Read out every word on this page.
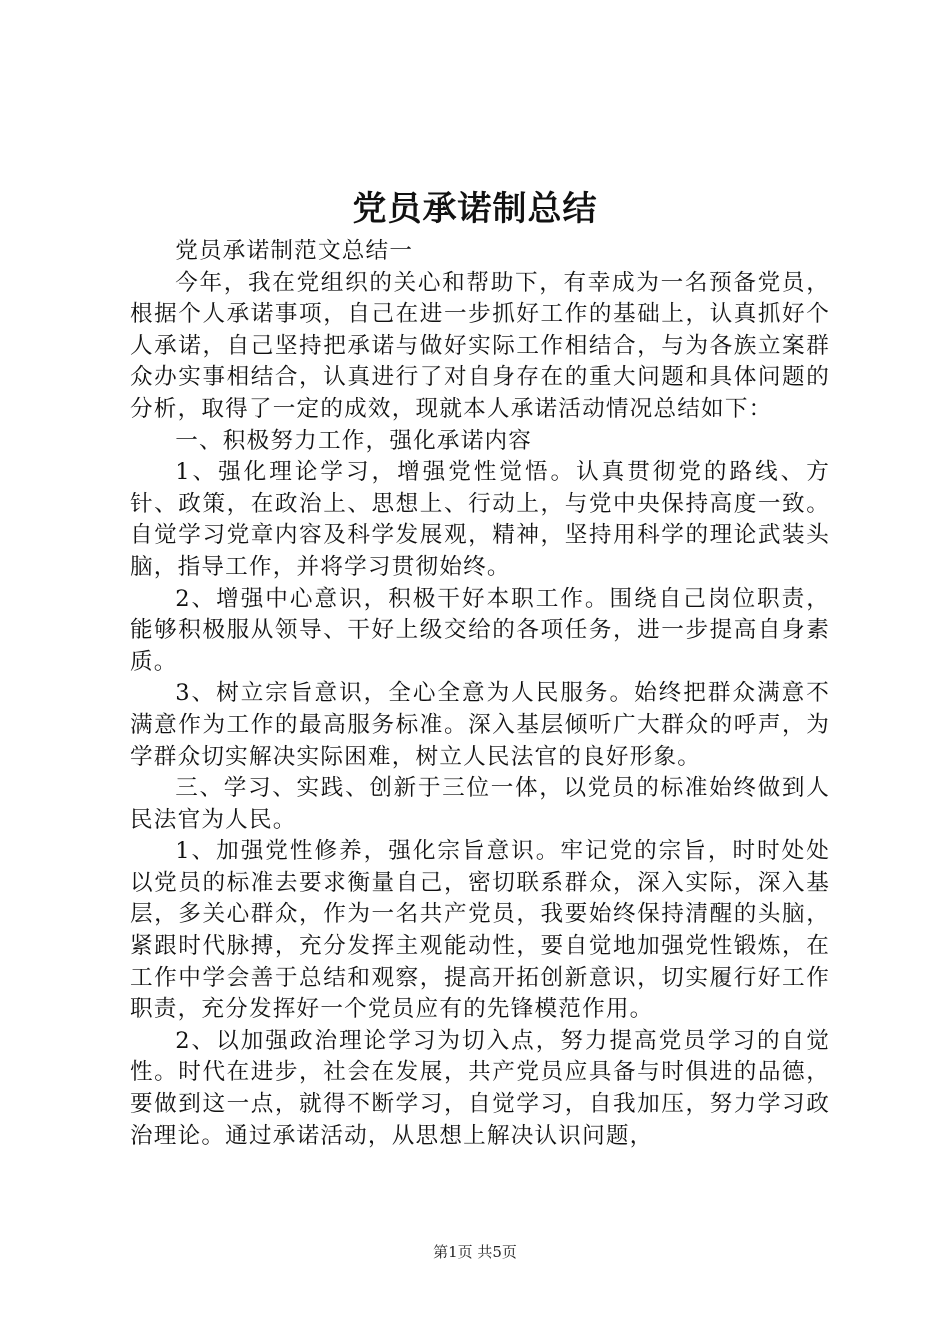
党员承诺制总结

党员承诺制范文总结一

今年，我在党组织的关心和帮助下，有幸成为一名预备党员，根据个人承诺事项，自己在进一步抓好工作的基础上，认真抓好个人承诺，自己坚持把承诺与做好实际工作相结合，与为各族立案群众办实事相结合，认真进行了对自身存在的重大问题和具体问题的分析，取得了一定的成效，现就本人承诺活动情况总结如下：

一、积极努力工作，强化承诺内容

1、强化理论学习，增强党性觉悟。认真贯彻党的路线、方针、政策，在政治上、思想上、行动上，与党中央保持高度一致。自觉学习党章内容及科学发展观，精神，坚持用科学的理论武装头脑，指导工作，并将学习贯彻始终。

2、增强中心意识，积极干好本职工作。围绕自己岗位职责，能够积极服从领导、干好上级交给的各项任务，进一步提高自身素质。

3、树立宗旨意识，全心全意为人民服务。始终把群众满意不满意作为工作的最高服务标准。深入基层倾听广大群众的呼声，为学群众切实解决实际困难，树立人民法官的良好形象。

三、学习、实践、创新于三位一体，以党员的标准始终做到人民法官为人民。

1、加强党性修养，强化宗旨意识。牢记党的宗旨，时时处处以党员的标准去要求衡量自己，密切联系群众，深入实际，深入基层，多关心群众，作为一名共产党员，我要始终保持清醒的头脑，紧跟时代脉搏，充分发挥主观能动性，要自觉地加强党性锻炼，在工作中学会善于总结和观察，提高开拓创新意识，切实履行好工作职责，充分发挥好一个党员应有的先锋模范作用。

2、以加强政治理论学习为切入点，努力提高党员学习的自觉性。时代在进步，社会在发展，共产党员应具备与时俱进的品德，要做到这一点，就得不断学习，自觉学习，自我加压，努力学习政治理论。通过承诺活动，从思想上解决认识问题，

第1页 共5页
